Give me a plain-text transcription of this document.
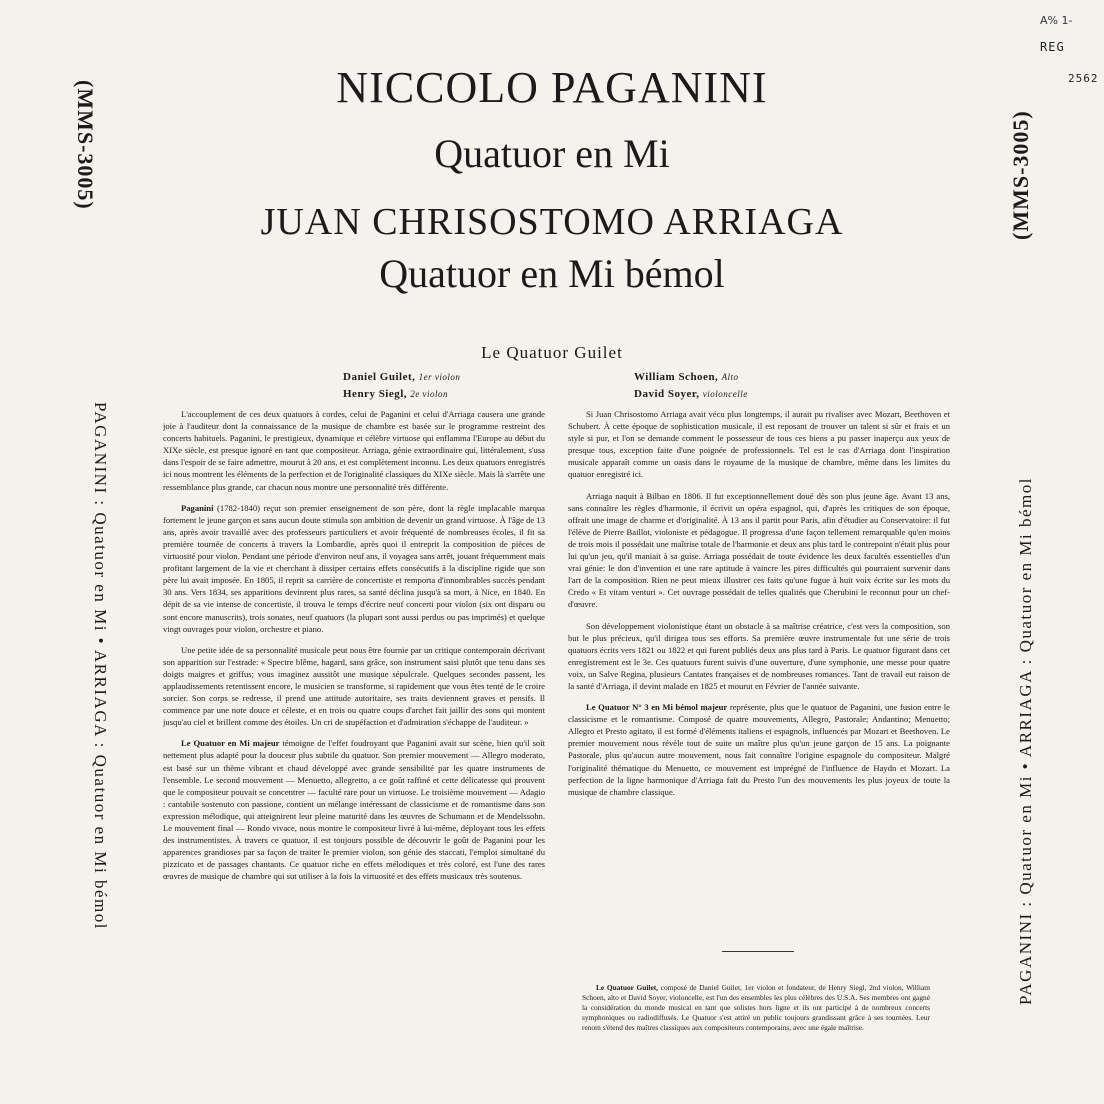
A% 1-
REG
2562
(MMS-3005)	(MMS-3005)
NICCOLO PAGANINI
Quatuor en Mi
JUAN CHRISOSTOMO ARRIAGA
Quatuor en Mi bémol
Le Quatuor Guilet
Daniel Guilet, 1er violon
Henry Siegl, 2e violon
William Schoen, Alto
David Soyer, violoncelle
PAGANINI : Quatuor en Mi • ARRIAGA : Quatuor en Mi bémol	PAGANINI : Quatuor en Mi • ARRIAGA : Quatuor en Mi bémol

L'accouplement de ces deux quatuors à cordes, celui de Paganini et celui d'Arriaga causera une grande joie à l'auditeur dont la connaissance de la musique de chambre est basée sur le programme restreint des concerts habituels. Paganini, le prestigieux, dynamique et célèbre virtuose qui enflamma l'Europe au début du XIXe siècle, est presque ignoré en tant que compositeur. Arriaga, génie extraordinaire qui, littéralement, s'usa dans l'espoir de se faire admettre, mourut à 20 ans, et est complètement inconnu. Les deux quatuors enregistrés ici nous montrent les éléments de la perfection et de l'originalité classiques du XIXe siècle. Mais là s'arrête une ressemblance plus grande, car chacun nous montre une personnalité très différente.

Paganini (1782-1840) reçut son premier enseignement de son père, dont la règle implacable marqua fortement le jeune garçon et sans aucun doute stimula son ambition de devenir un grand virtuose. À l'âge de 13 ans, après avoir travaillé avec des professeurs particuliers et avoir fréquenté de nombreuses écoles, il fit sa première tournée de concerts à travers la Lombardie, après quoi il entreprit la composition de pièces de virtuosité pour violon. Pendant une période d'environ neuf ans, il voyagea sans arrêt, jouant fréquemment mais profitant largement de la vie et cherchant à dissiper certains effets consécutifs à la discipline rigide que son père lui avait imposée. En 1805, il reprit sa carrière de concertiste et remporta d'innombrables succès pendant 30 ans. Vers 1834, ses apparitions devinrent plus rares, sa santé déclina jusqu'à sa mort, à Nice, en 1840. En dépit de sa vie intense de concertiste, il trouva le temps d'écrire neuf concerti pour violon (six ont disparu ou sont encore manuscrits), trois sonates, neuf quatuors (la plupart sont aussi perdus ou pas imprimés) et quelque vingt ouvrages pour violon, orchestre et piano.

Une petite idée de sa personnalité musicale peut nous être fournie par un critique contemporain décrivant son apparition sur l'estrade: « Spectre blême, hagard, sans grâce, son instrument saisi plutôt que tenu dans ses doigts maigres et griffus; vous imaginez aussitôt une musique sépulcrale. Quelques secondes passent, les applaudissements retentissent encore, le musicien se transforme, si rapidement que vous êtes tenté de le croire sorcier. Son corps se redresse, il prend une attitude autoritaire, ses traits deviennent graves et pensifs. Il commence par une note douce et céleste, et en trois ou quatre coups d'archet fait jaillir des sons qui montent jusqu'au ciel et brillent comme des étoiles. Un cri de stupéfaction et d'admiration s'échappe de l'auditeur. »

Le Quatuor en Mi majeur témoigne de l'effet foudroyant que Paganini avait sur scène, bien qu'il soit nettement plus adapté pour la douceur plus subtile du quatuor. Son premier mouvement — Allegro moderato, est basé sur un thème vibrant et chaud développé avec grande sensibilité par les quatre instruments de l'ensemble. Le second mouvement — Menuetto, allegretto, a ce goût raffiné et cette délicatesse qui prouvent que le compositeur pouvait se concentrer — faculté rare pour un virtuose. Le troisième mouvement — Adagio : cantabile sostenuto con passione, contient un mélange intéressant de classicisme et de romantisme dans son expression mélodique, qui atteignirent leur pleine maturité dans les œuvres de Schumann et de Mendelssohn. Le mouvement final — Rondo vivace, nous montre le compositeur livré à lui-même, déployant tous les effets des instrumentistes. À travers ce quatuor, il est toujours possible de découvrir le goût de Paganini pour les apparences grandioses par sa façon de traiter le premier violon, son génie des staccati, l'emploi simultané du pizzicato et de passages chantants. Ce quatuor riche en effets mélodiques et très coloré, est l'une des rares œuvres de musique de chambre qui sut utiliser à la fois la virtuosité et des effets musicaux très soutenus.

Si Juan Chrisostomo Arriaga avait vécu plus longtemps, il aurait pu rivaliser avec Mozart, Beethoven et Schubert. À cette époque de sophistication musicale, il est reposant de trouver un talent si sûr et frais et un style si pur, et l'on se demande comment le possesseur de tous ces biens a pu passer inaperçu aux yeux de presque tous, exception faite d'une poignée de professionnels. Tel est le cas d'Arriaga dont l'inspiration musicale apparaît comme un oasis dans le royaume de la musique de chambre, même dans les limites du quatuor enregistré ici.

Arriaga naquit à Bilbao en 1806. Il fut exceptionnellement doué dès son plus jeune âge. Avant 13 ans, sans connaître les règles d'harmonie, il écrivit un opéra espagnol, qui, d'après les critiques de son époque, offrait une image de charme et d'originalité. À 13 ans il partit pour Paris, afin d'étudier au Conservatoire: il fut l'élève de Pierre Baillot, violoniste et pédagogue. Il progressa d'une façon tellement remarquable qu'en moins de trois mois il possédait une maîtrise totale de l'harmonie et deux ans plus tard le contrepoint n'était plus pour lui qu'un jeu, qu'il maniait à sa guise. Arriaga possédait de toute évidence les deux facultés essentielles d'un vrai génie: le don d'invention et une rare aptitude à vaincre les pires difficultés qui pourraient survenir dans l'art de la composition. Rien ne peut mieux illustrer ces faits qu'une fugue à huit voix écrite sur les mots du Credo « Et vitam venturi ». Cet ouvrage possédait de telles qualités que Cherubini le reconnut pour un chef-d'œuvre.

Son développement violonistique étant un obstacle à sa maîtrise créatrice, c'est vers la composition, son but le plus précieux, qu'il dirigea tous ses efforts. Sa première œuvre instrumentale fut une série de trois quatuors écrits vers 1821 ou 1822 et qui furent publiés deux ans plus tard à Paris. Le quatuor figurant dans cet enregistrement est le 3e. Ces quatuors furent suivis d'une ouverture, d'une symphonie, une messe pour quatre voix, un Salve Regina, plusieurs Cantates françaises et de nombreuses romances. Tant de travail eut raison de la santé d'Arriaga, il devint malade en 1825 et mourut en Février de l'année suivante.

Le Quatuor N° 3 en Mi bémol majeur représente, plus que le quatuor de Paganini, une fusion entre le classicisme et le romantisme. Composé de quatre mouvements, Allegro, Pastorale; Andantino; Menuetto; Allegro et Presto agitato, il est formé d'éléments italiens et espagnols, influencés par Mozart et Beethoven. Le premier mouvement nous révèle tout de suite un maître plus qu'un jeune garçon de 15 ans. La poignante Pastorale, plus qu'aucun autre mouvement, nous fait connaître l'origine espagnole du compositeur. Malgré l'originalité thématique du Menuetto, ce mouvement est imprégné de l'influence de Haydn et Mozart. La perfection de la ligne harmonique d'Arriaga fait du Presto l'un des mouvements les plus joyeux de toute la musique de chambre classique.

Le Quatuor Guilet, composé de Daniel Guilet, 1er violon et fondateur, de Henry Siegl, 2nd violon, William Schoen, alto et David Soyer, violoncelle, est l'un des ensembles les plus célèbres des U.S.A. Ses membres ont gagné la considération du monde musical en tant que solistes hors ligne et ils ont participé à de nombreux concerts symphoniques ou radiodiffusés. Le Quatuor s'est attiré un public toujours grandissant grâce à ses tournées. Leur renom s'étend des maîtres classiques aux compositeurs contemporains, avec une égale maîtrise.
